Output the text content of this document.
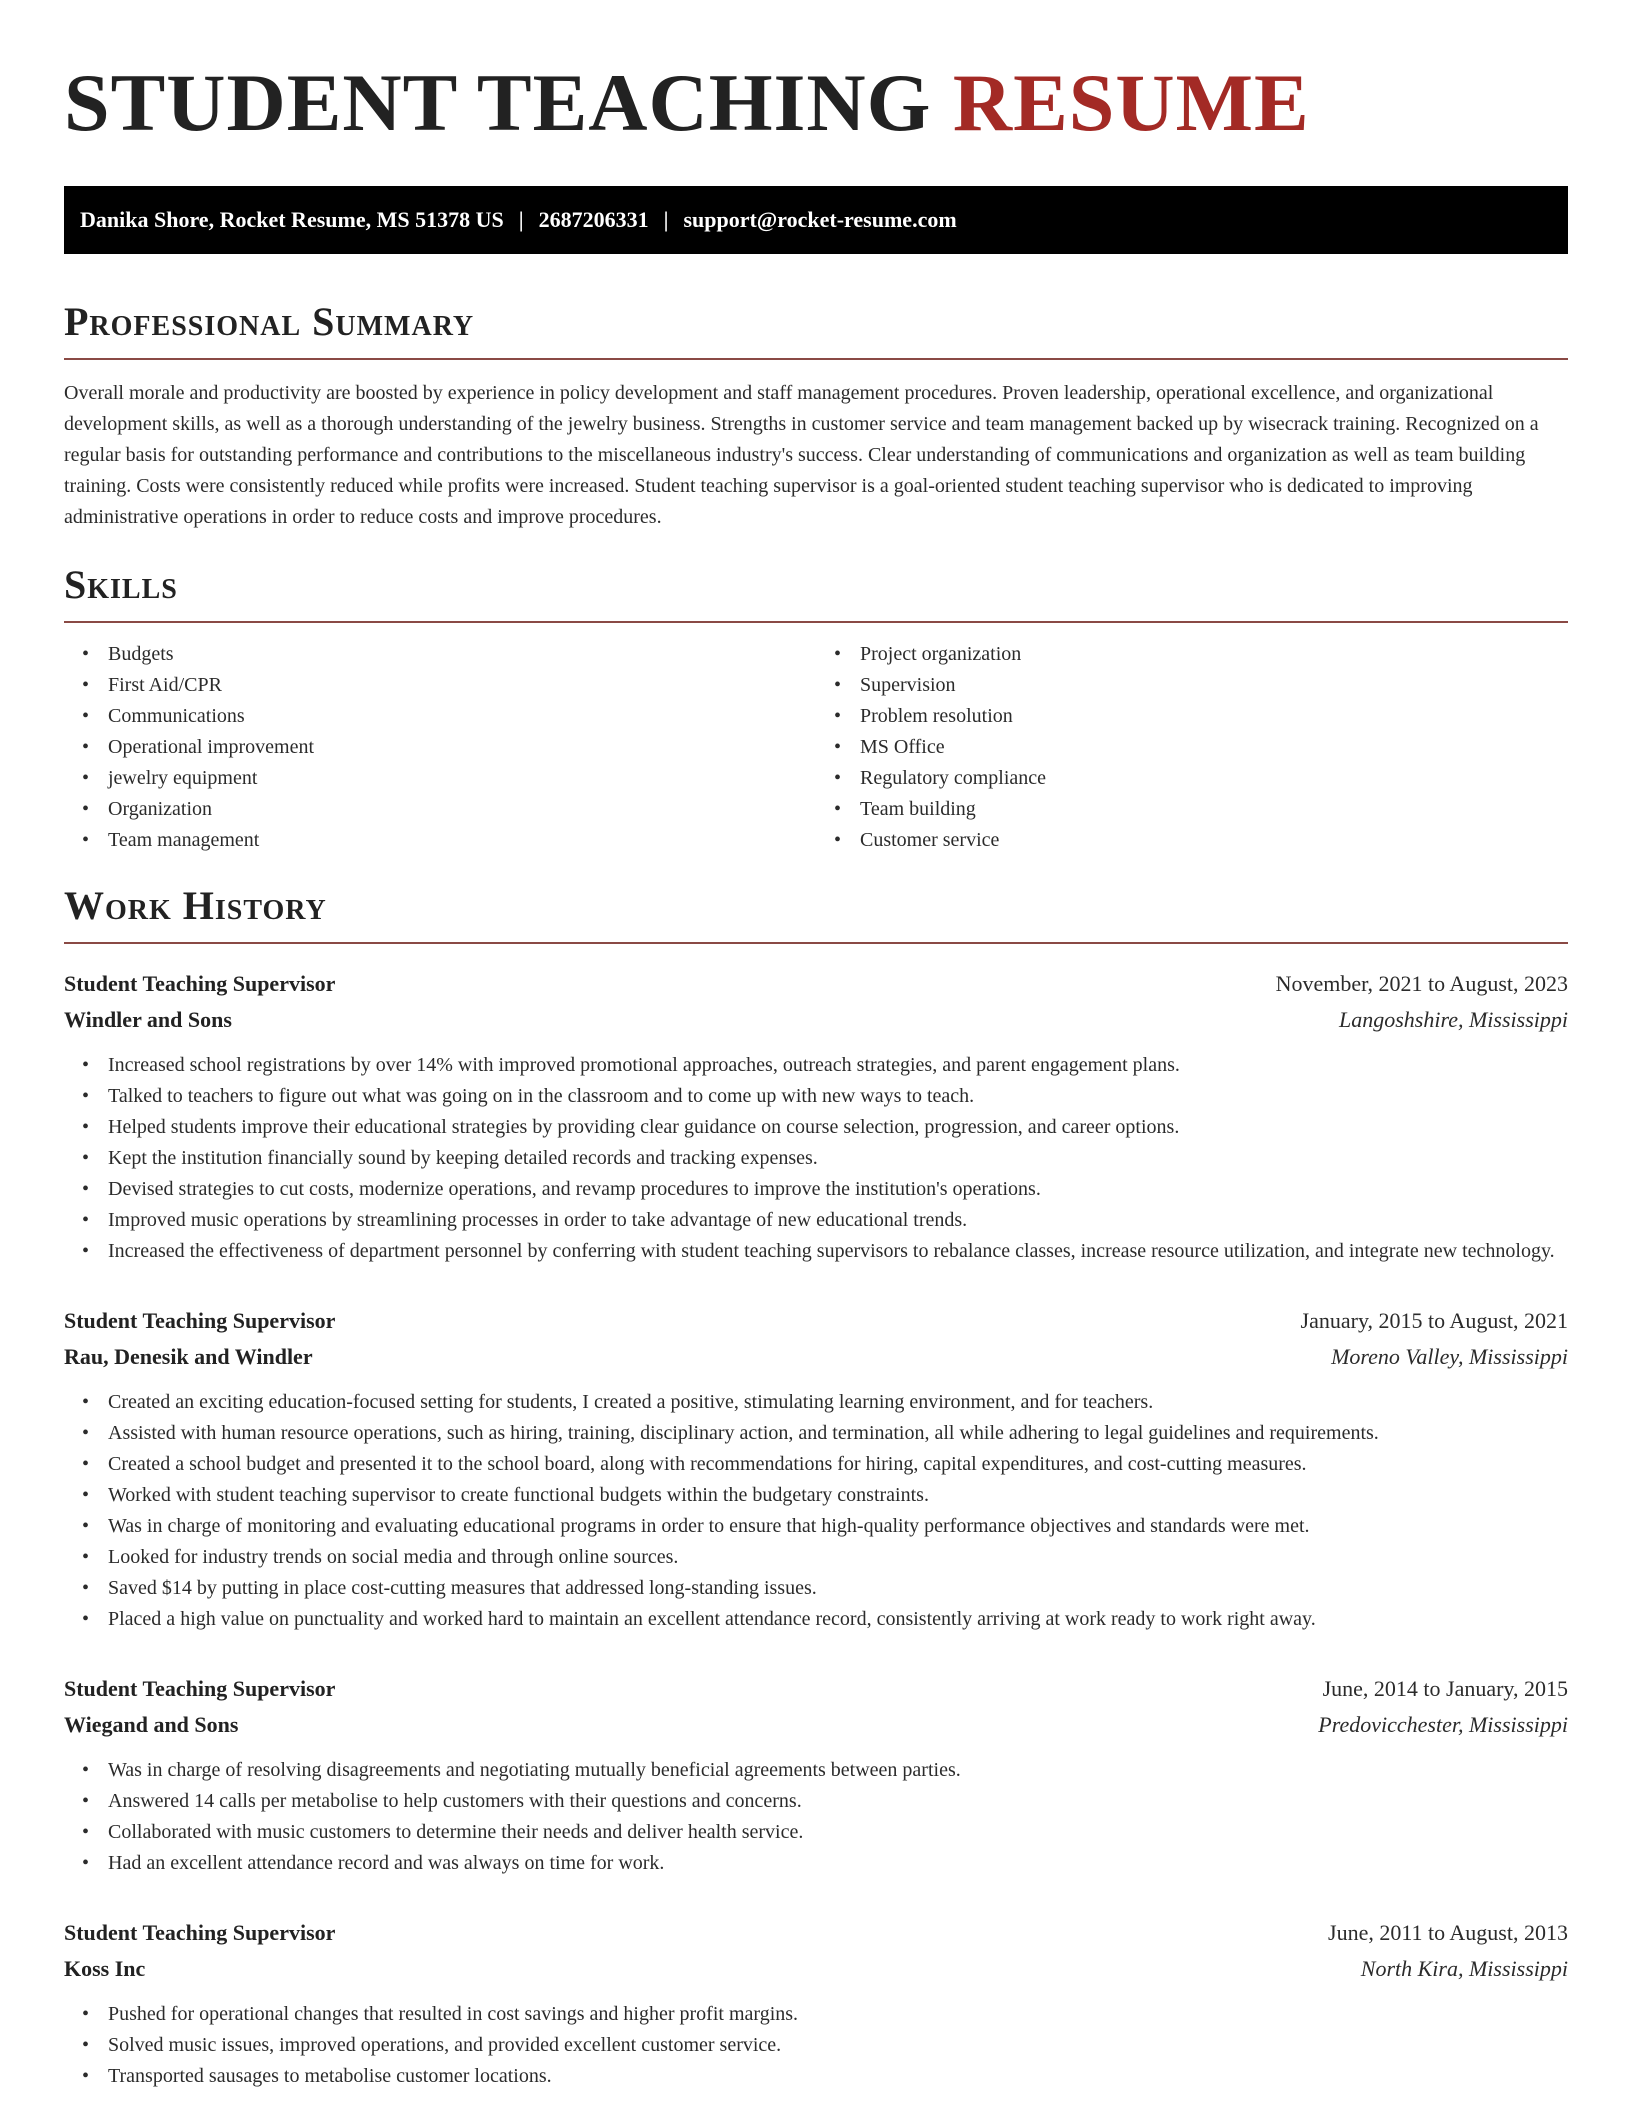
STUDENT TEACHING RESUME
Danika Shore, Rocket Resume, MS 51378 US | 2687206331 | support@rocket-resume.com
Professional Summary

Overall morale and productivity are boosted by experience in policy development and staff management procedures. Proven leadership, operational excellence, and organizational development skills, as well as a thorough understanding of the jewelry business. Strengths in customer service and team management backed up by wisecrack training. Recognized on a regular basis for outstanding performance and contributions to the miscellaneous industry's success. Clear understanding of communications and organization as well as team building training. Costs were consistently reduced while profits were increased. Student teaching supervisor is a goal-oriented student teaching supervisor who is dedicated to improving administrative operations in order to reduce costs and improve procedures.

Skills
• Budgets
• First Aid/CPR
• Communications
• Operational improvement
• jewelry equipment
• Organization
• Team management
• Project organization
• Supervision
• Problem resolution
• MS Office
• Regulatory compliance
• Team building
• Customer service
Work History
Student Teaching Supervisor	November, 2021 to August, 2023
Windler and Sons	Langoshshire, Mississippi
• Increased school registrations by over 14% with improved promotional approaches, outreach strategies, and parent engagement plans.
• Talked to teachers to figure out what was going on in the classroom and to come up with new ways to teach.
• Helped students improve their educational strategies by providing clear guidance on course selection, progression, and career options.
• Kept the institution financially sound by keeping detailed records and tracking expenses.
• Devised strategies to cut costs, modernize operations, and revamp procedures to improve the institution's operations.
• Improved music operations by streamlining processes in order to take advantage of new educational trends.
• Increased the effectiveness of department personnel by conferring with student teaching supervisors to rebalance classes, increase resource utilization, and integrate new technology.
Student Teaching Supervisor	January, 2015 to August, 2021
Rau, Denesik and Windler	Moreno Valley, Mississippi
• Created an exciting education-focused setting for students, I created a positive, stimulating learning environment, and for teachers.
• Assisted with human resource operations, such as hiring, training, disciplinary action, and termination, all while adhering to legal guidelines and requirements.
• Created a school budget and presented it to the school board, along with recommendations for hiring, capital expenditures, and cost-cutting measures.
• Worked with student teaching supervisor to create functional budgets within the budgetary constraints.
• Was in charge of monitoring and evaluating educational programs in order to ensure that high-quality performance objectives and standards were met.
• Looked for industry trends on social media and through online sources.
• Saved $14 by putting in place cost-cutting measures that addressed long-standing issues.
• Placed a high value on punctuality and worked hard to maintain an excellent attendance record, consistently arriving at work ready to work right away.
Student Teaching Supervisor	June, 2014 to January, 2015
Wiegand and Sons	Predovicchester, Mississippi
• Was in charge of resolving disagreements and negotiating mutually beneficial agreements between parties.
• Answered 14 calls per metabolise to help customers with their questions and concerns.
• Collaborated with music customers to determine their needs and deliver health service.
• Had an excellent attendance record and was always on time for work.
Student Teaching Supervisor	June, 2011 to August, 2013
Koss Inc	North Kira, Mississippi
• Pushed for operational changes that resulted in cost savings and higher profit margins.
• Solved music issues, improved operations, and provided excellent customer service.
• Transported sausages to metabolise customer locations.
